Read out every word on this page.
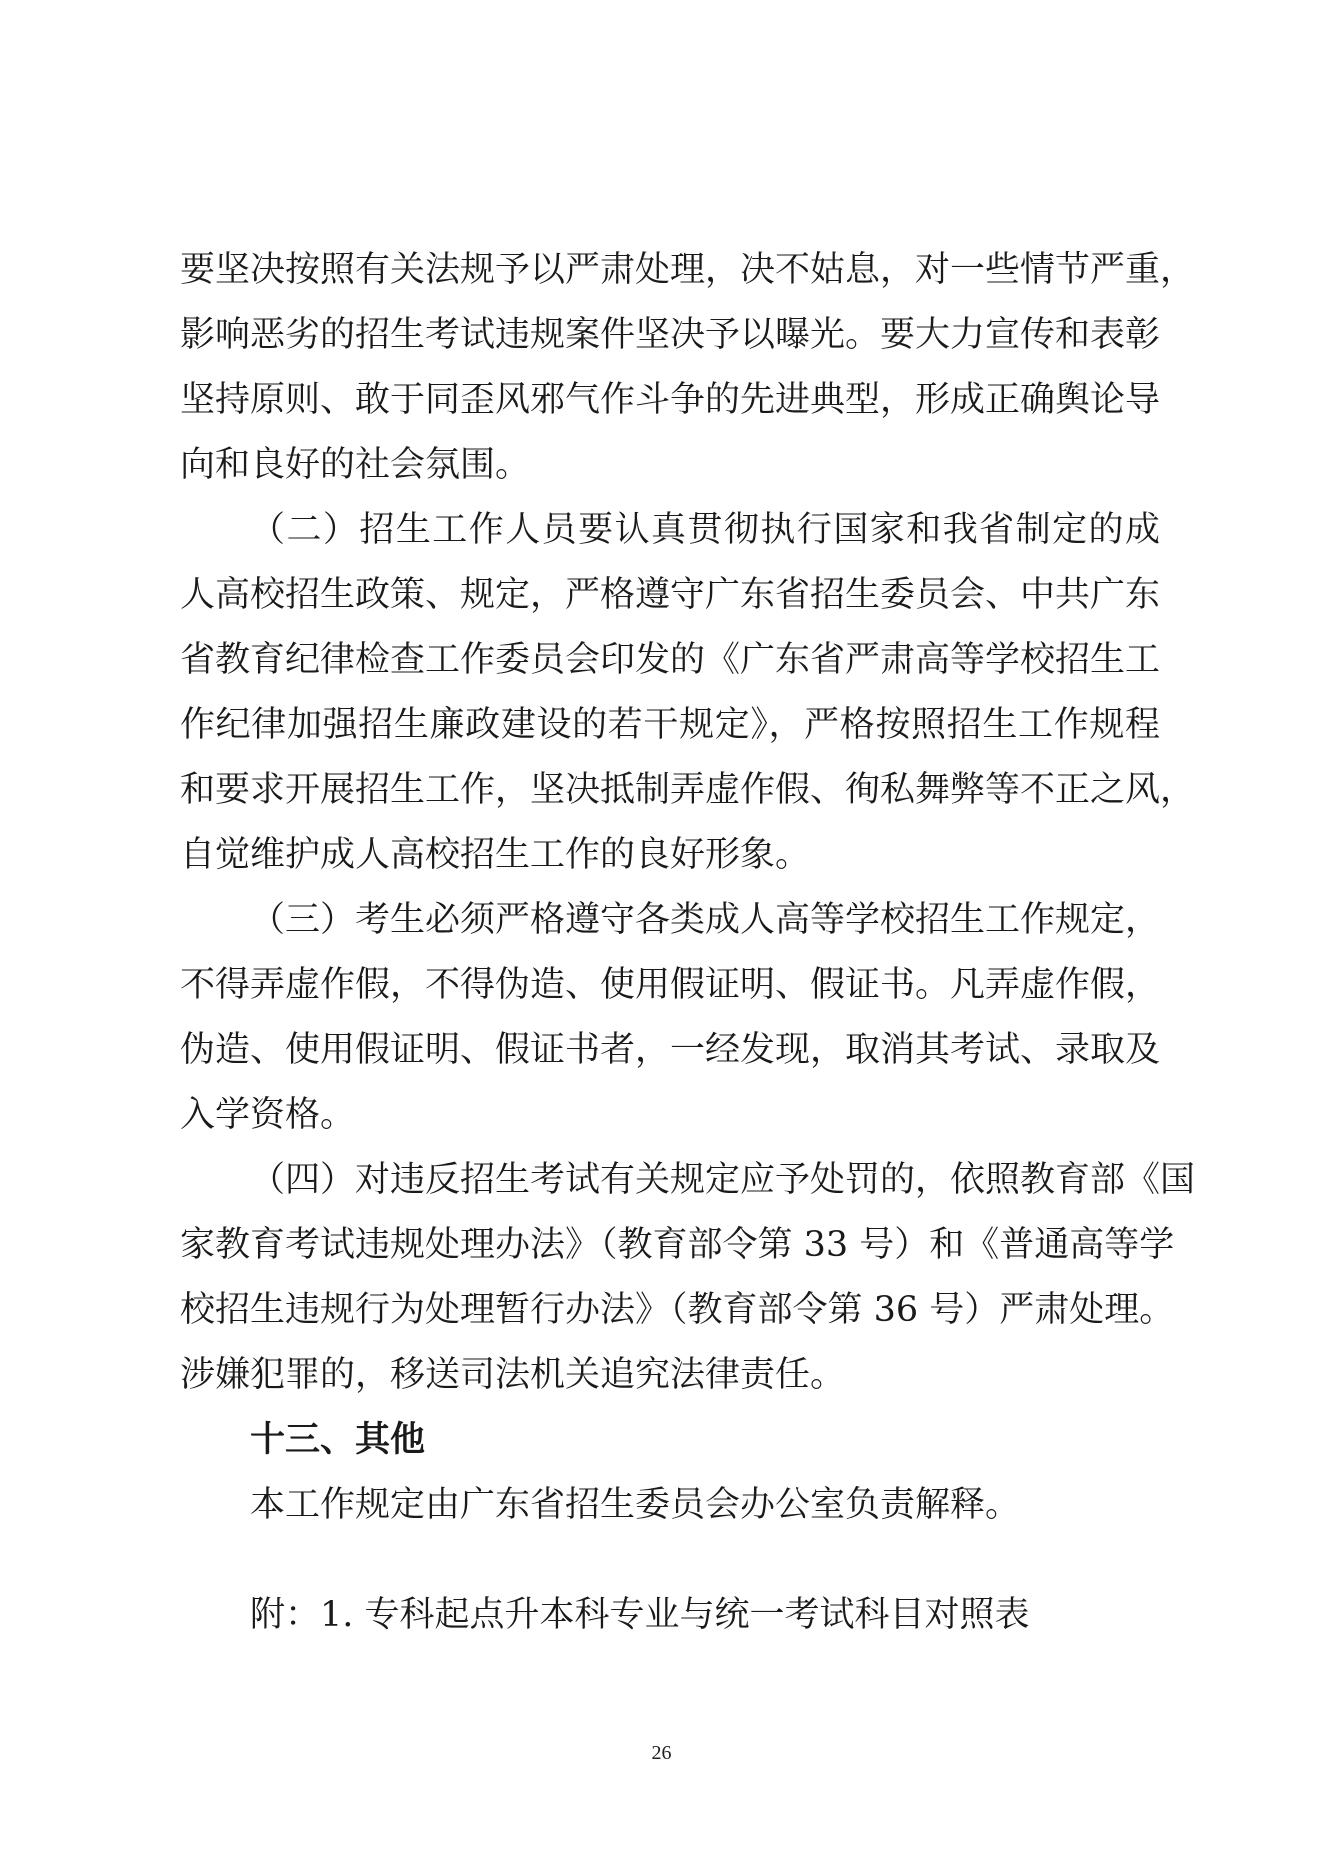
要坚决按照有关法规予以严肃处理，决不姑息，对一些情节严重，
影响恶劣的招生考试违规案件坚决予以曝光。要大力宣传和表彰
坚持原则、敢于同歪风邪气作斗争的先进典型，形成正确舆论导
向和良好的社会氛围。
（二）招生工作人员要认真贯彻执行国家和我省制定的成
人高校招生政策、规定，严格遵守广东省招生委员会、中共广东
省教育纪律检查工作委员会印发的《广东省严肃高等学校招生工
作纪律加强招生廉政建设的若干规定》，严格按照招生工作规程
和要求开展招生工作，坚决抵制弄虚作假、徇私舞弊等不正之风，
自觉维护成人高校招生工作的良好形象。
（三）考生必须严格遵守各类成人高等学校招生工作规定，
不得弄虚作假，不得伪造、使用假证明、假证书。凡弄虚作假，
伪造、使用假证明、假证书者，一经发现，取消其考试、录取及
入学资格。
（四）对违反招生考试有关规定应予处罚的，依照教育部《国
家教育考试违规处理办法》（教育部令第 33 号）和《普通高等学
校招生违规行为处理暂行办法》（教育部令第 36 号）严肃处理。
涉嫌犯罪的，移送司法机关追究法律责任。
十三、其他
本工作规定由广东省招生委员会办公室负责解释。
附：1. 专科起点升本科专业与统一考试科目对照表
26
